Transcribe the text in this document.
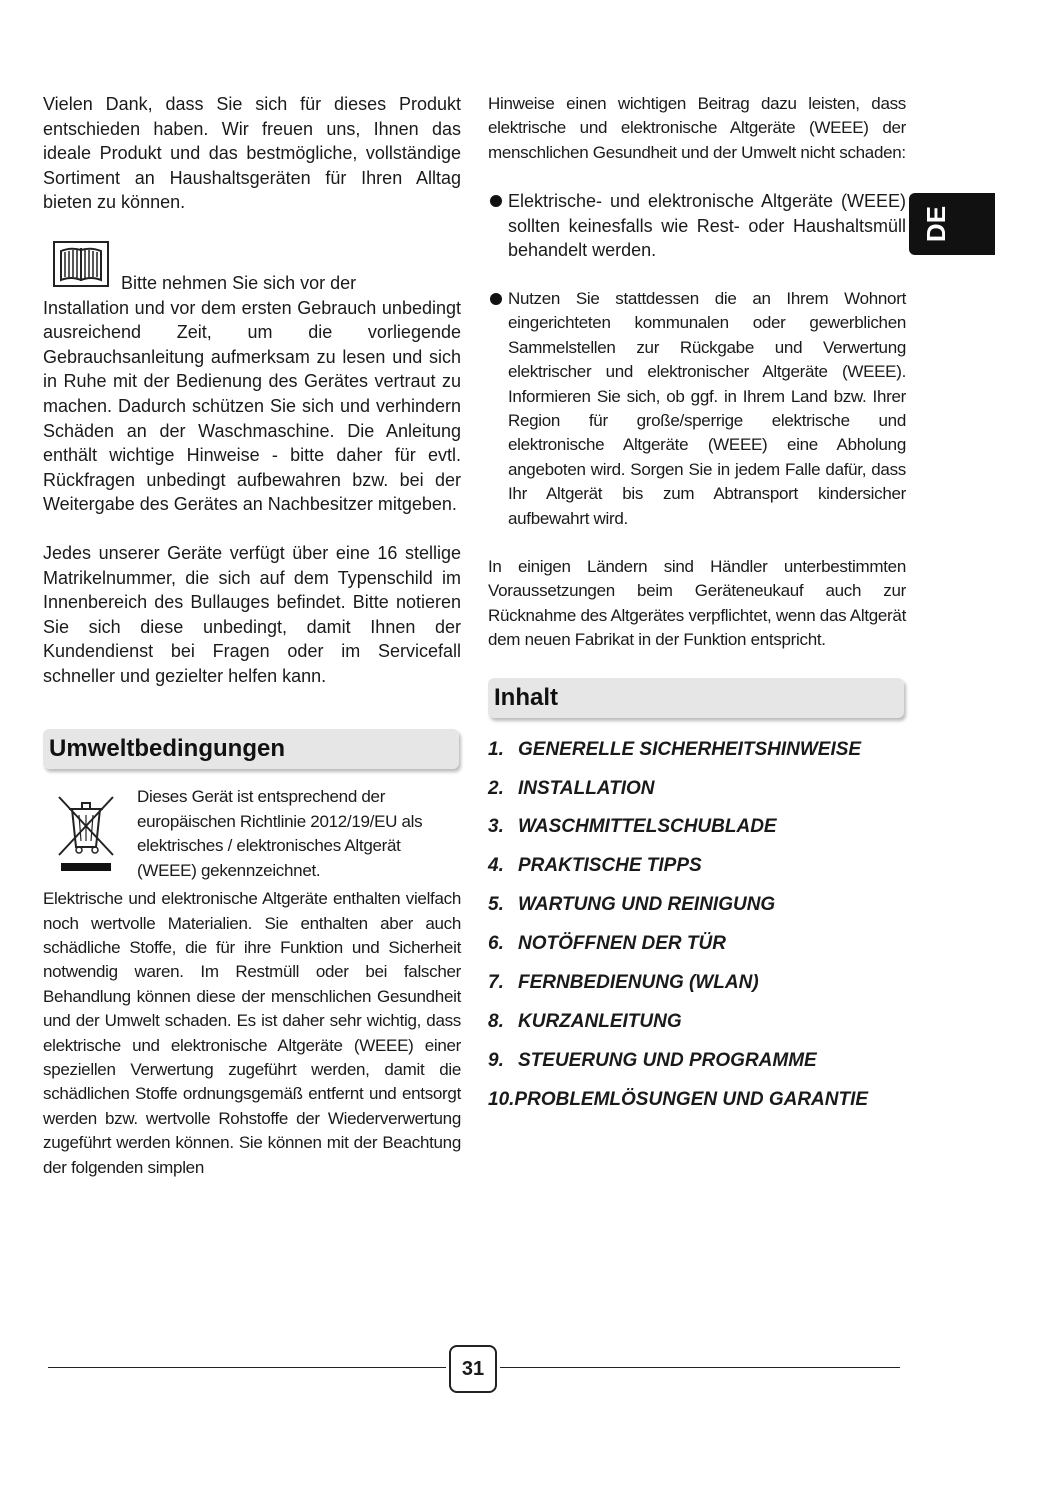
Vielen Dank, dass Sie sich für dieses Produkt entschieden haben. Wir freuen uns, Ihnen das ideale Produkt und das bestmögliche, vollständige Sortiment an Haushaltsgeräten für Ihren Alltag bieten zu können.

Bitte nehmen Sie sich vor der

Installation und vor dem ersten Gebrauch unbedingt ausreichend Zeit, um die vorliegende Gebrauchsanleitung aufmerksam zu lesen und sich in Ruhe mit der Bedienung des Gerätes vertraut zu machen. Dadurch schützen Sie sich und verhindern Schäden an der Waschmaschine. Die Anleitung enthält wichtige Hinweise - bitte daher für evtl. Rückfragen unbedingt aufbewahren bzw. bei der Weitergabe des Gerätes an Nachbesitzer mitgeben.

Jedes unserer Geräte verfügt über eine 16 stellige Matrikelnummer, die sich auf dem Typenschild im Innenbereich des Bullauges befindet. Bitte notieren Sie sich diese unbedingt, damit Ihnen der Kundendienst bei Fragen oder im Servicefall schneller und gezielter helfen kann.

Umweltbedingungen

Dieses Gerät ist entsprechend der europäischen Richtlinie 2012/19/EU als elektrisches / elektronisches Altgerät (WEEE) gekennzeichnet.

Elektrische und elektronische Altgeräte enthalten vielfach noch wertvolle Materialien. Sie enthalten aber auch schädliche Stoffe, die für ihre Funktion und Sicherheit notwendig waren. Im Restmüll oder bei falscher Behandlung können diese der menschlichen Gesundheit und der Umwelt schaden. Es ist daher sehr wichtig, dass elektrische und elektronische Altgeräte (WEEE) einer speziellen Verwertung zugeführt werden, damit die schädlichen Stoffe ordnungsgemäß entfernt und entsorgt werden bzw. wertvolle Rohstoffe der Wiederverwertung zugeführt werden können. Sie können mit der Beachtung der folgenden simplen

Hinweise einen wichtigen Beitrag dazu leisten, dass elektrische und elektronische Altgeräte (WEEE) der menschlichen Gesundheit und der Umwelt nicht schaden:

Elektrische- und elektronische Altgeräte (WEEE) sollten keinesfalls wie Rest- oder Haushaltsmüll behandelt werden.

Nutzen Sie stattdessen die an Ihrem Wohnort eingerichteten kommunalen oder gewerblichen Sammelstellen zur Rückgabe und Verwertung elektrischer und elektronischer Altgeräte (WEEE). Informieren Sie sich, ob ggf. in Ihrem Land bzw. Ihrer Region für große/sperrige elektrische und elektronische Altgeräte (WEEE) eine Abholung angeboten wird. Sorgen Sie in jedem Falle dafür, dass Ihr Altgerät bis zum Abtransport kindersicher aufbewahrt wird.

In einigen Ländern sind Händler unterbestimmten Voraussetzungen beim Geräteneukauf auch zur Rücknahme des Altgerätes verpflichtet, wenn das Altgerät dem neuen Fabrikat in der Funktion entspricht.

Inhalt
1. GENERELLE SICHERHEITSHINWEISE
2. INSTALLATION
3. WASCHMITTELSCHUBLADE
4. PRAKTISCHE TIPPS
5. WARTUNG UND REINIGUNG
6. NOTÖFFNEN DER TÜR
7. FERNBEDIENUNG (WLAN)
8. KURZANLEITUNG
9. STEUERUNG UND PROGRAMME
10.PROBLEMLÖSUNGEN UND GARANTIE
DE
31
